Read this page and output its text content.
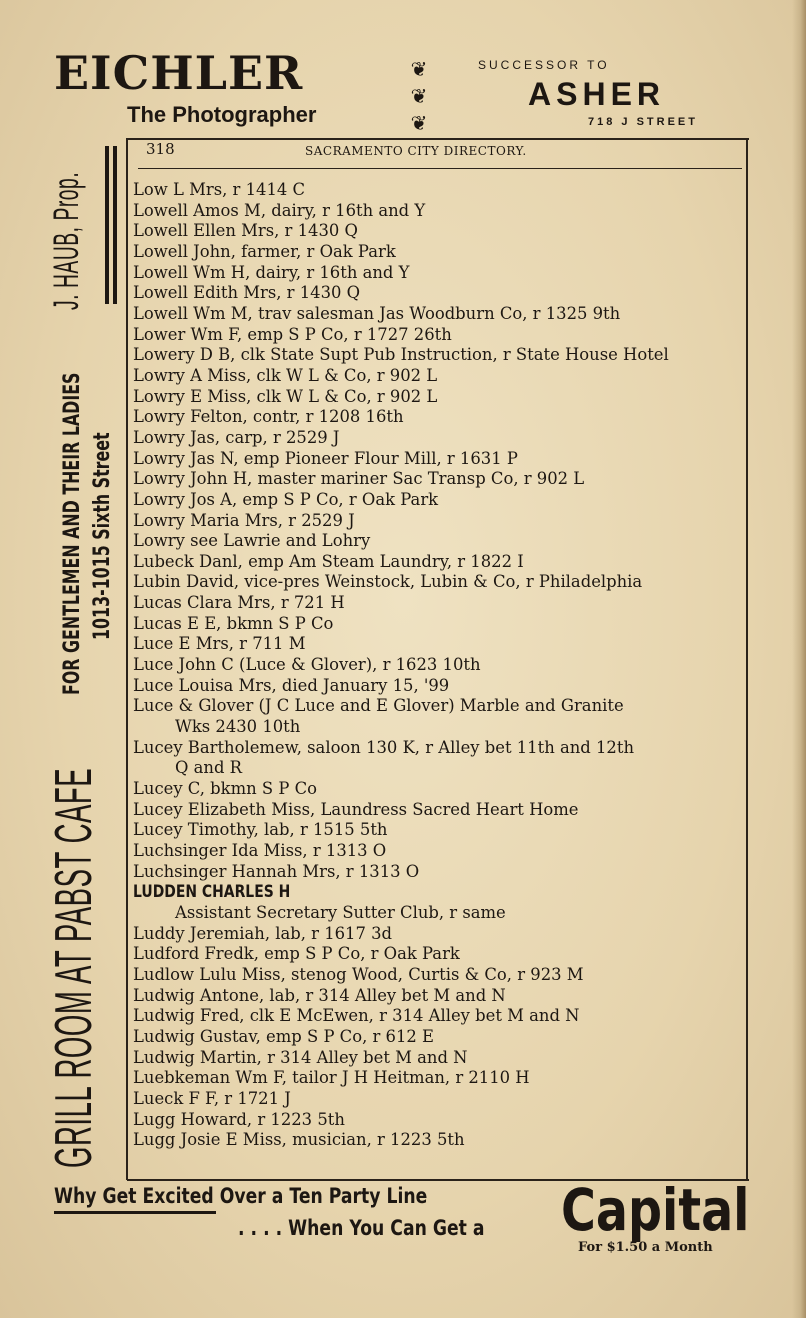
EICHLER
The Photographer
❦
❦
❦
SUCCESSOR TO
ASHER
718 J STREET
318	SACRAMENTO CITY DIRECTORY.
J. HAUB, Prop.
GRILL ROOM AT PABST CAFE
FOR GENTLEMEN AND THEIR LADIES 1013-1015 Sixth Street
Low L Mrs, r 1414 C
Lowell Amos M, dairy, r 16th and Y
Lowell Ellen Mrs, r 1430 Q
Lowell John, farmer, r Oak Park
Lowell Wm H, dairy, r 16th and Y
Lowell Edith Mrs, r 1430 Q
Lowell Wm M, trav salesman Jas Woodburn Co, r 1325 9th
Lower Wm F, emp S P Co, r 1727 26th
Lowery D B, clk State Supt Pub Instruction, r State House Hotel
Lowry A Miss, clk W L & Co, r 902 L
Lowry E Miss, clk W L & Co, r 902 L
Lowry Felton, contr, r 1208 16th
Lowry Jas, carp, r 2529 J
Lowry Jas N, emp Pioneer Flour Mill, r 1631 P
Lowry John H, master mariner Sac Transp Co, r 902 L
Lowry Jos A, emp S P Co, r Oak Park
Lowry Maria Mrs, r 2529 J
Lowry see Lawrie and Lohry
Lubeck Danl, emp Am Steam Laundry, r 1822 I
Lubin David, vice-pres Weinstock, Lubin & Co, r Philadelphia
Lucas Clara Mrs, r 721 H
Lucas E E, bkmn S P Co
Luce E Mrs, r 711 M
Luce John C (Luce & Glover), r 1623 10th
Luce Louisa Mrs, died January 15, '99
Luce & Glover (J C Luce and E Glover) Marble and Granite
Wks 2430 10th
Lucey Bartholemew, saloon 130 K, r Alley bet 11th and 12th
Q and R
Lucey C, bkmn S P Co
Lucey Elizabeth Miss, Laundress Sacred Heart Home
Lucey Timothy, lab, r 1515 5th
Luchsinger Ida Miss, r 1313 O
Luchsinger Hannah Mrs, r 1313 O
LUDDEN CHARLES H
Assistant Secretary Sutter Club, r same
Luddy Jeremiah, lab, r 1617 3d
Ludford Fredk, emp S P Co, r Oak Park
Ludlow Lulu Miss, stenog Wood, Curtis & Co, r 923 M
Ludwig Antone, lab, r 314 Alley bet M and N
Ludwig Fred, clk E McEwen, r 314 Alley bet M and N
Ludwig Gustav, emp S P Co, r 612 E
Ludwig Martin, r 314 Alley bet M and N
Luebkeman Wm F, tailor J H Heitman, r 2110 H
Lueck F F, r 1721 J
Lugg Howard, r 1223 5th
Lugg Josie E Miss, musician, r 1223 5th
Why Get Excited Over a Ten Party Line
. . . . When You Can Get a Capital
For $1.50 a Month
